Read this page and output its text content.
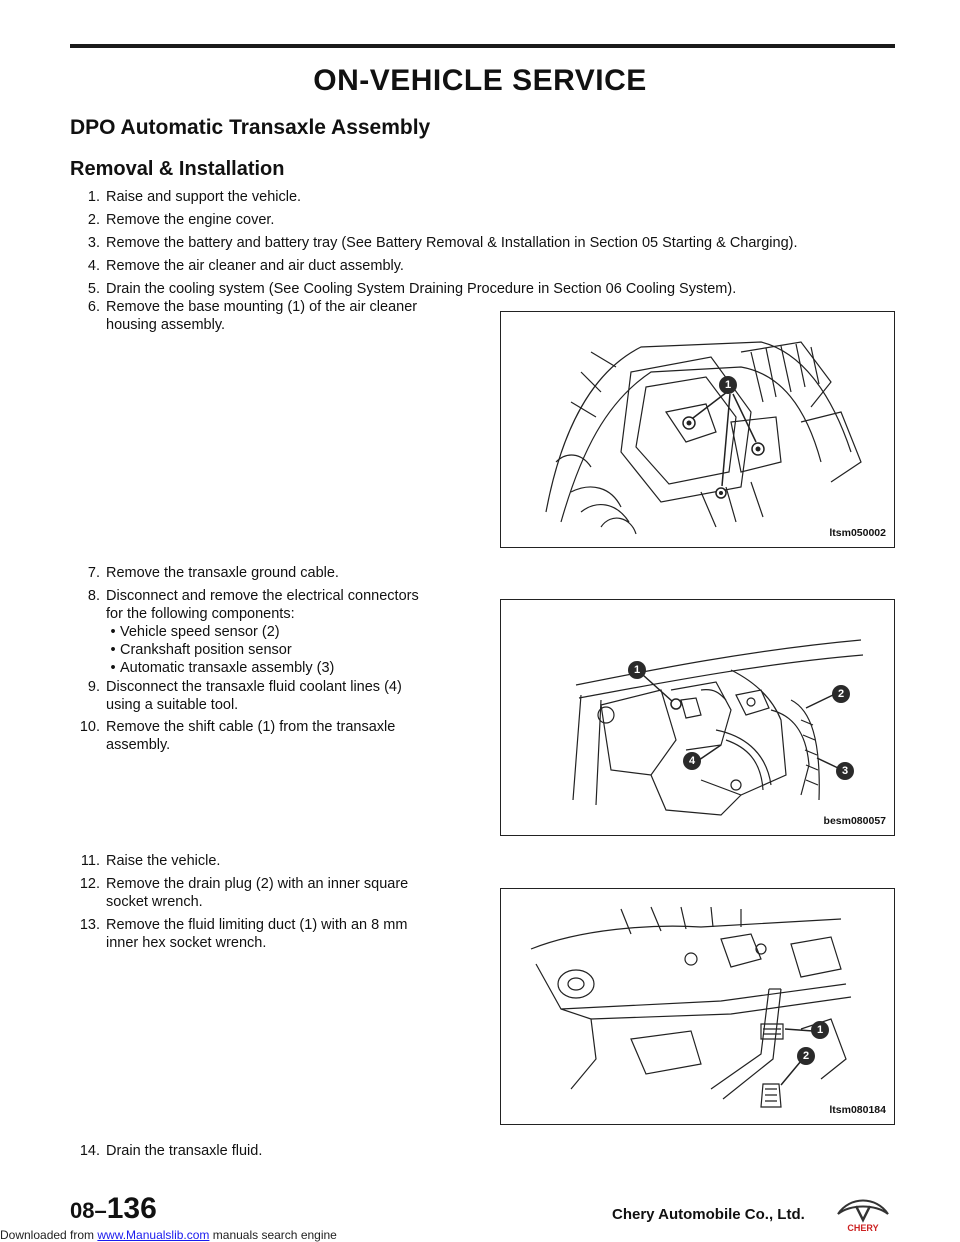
ON-VEHICLE SERVICE
DPO Automatic Transaxle Assembly
Removal & Installation
1. Raise and support the vehicle.
2. Remove the engine cover.
3. Remove the battery and battery tray (See Battery Removal & Installation in Section 05 Starting & Charging).
4. Remove the air cleaner and air duct assembly.
5. Drain the cooling system (See Cooling System Draining Procedure in Section 06 Cooling System).
6. Remove the base mounting (1) of the air cleaner
housing assembly.
1
ltsm050002
7. Remove the transaxle ground cable.
8. Disconnect and remove the electrical connectors
for the following components:
• Vehicle speed sensor (2)
• Crankshaft position sensor
• Automatic transaxle assembly (3)
9. Disconnect the transaxle fluid coolant lines (4)
using a suitable tool.
10. Remove the shift cable (1) from the transaxle
assembly.
1
2
3
4
besm080057
11. Raise the vehicle.
12. Remove the drain plug (2) with an inner square
socket wrench.
13. Remove the fluid limiting duct (1) with an 8 mm
inner hex socket wrench.
1
2
ltsm080184
14. Drain the transaxle fluid.
08–136	Chery Automobile Co., Ltd.
CHERY
Downloaded from www.Manualslib.com manuals search engine
